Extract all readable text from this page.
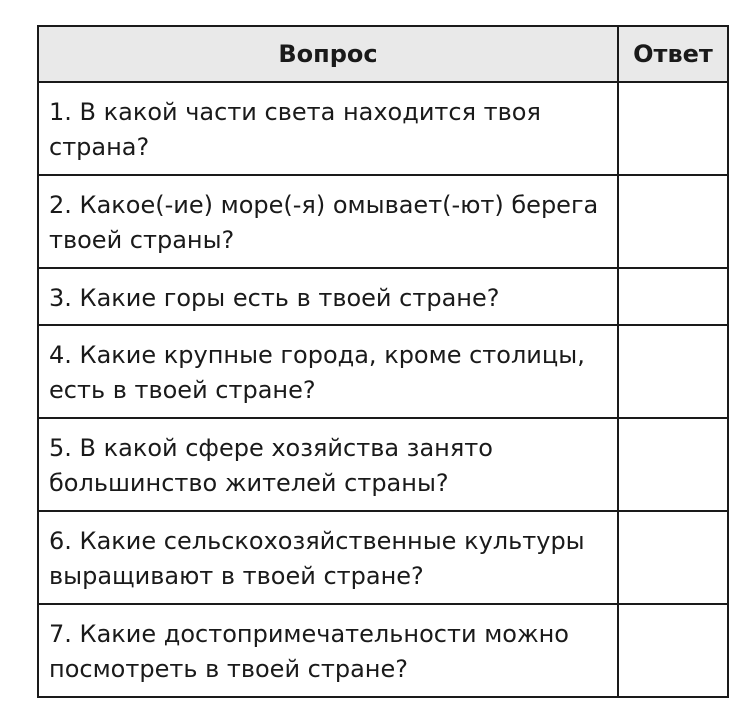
Вопрос	Ответ
1. В какой части света находится твоя страна?	
2. Какое(-ие) море(-я) омывает(-ют) берега твоей страны?	
3. Какие горы есть в твоей стране?	
4. Какие крупные города, кроме столицы, есть в твоей стране?	
5. В какой сфере хозяйства занято большинство жителей страны?	
6. Какие сельскохозяйственные культуры выращивают в твоей стране?	
7. Какие достопримечательности можно посмотреть в твоей стране?	
